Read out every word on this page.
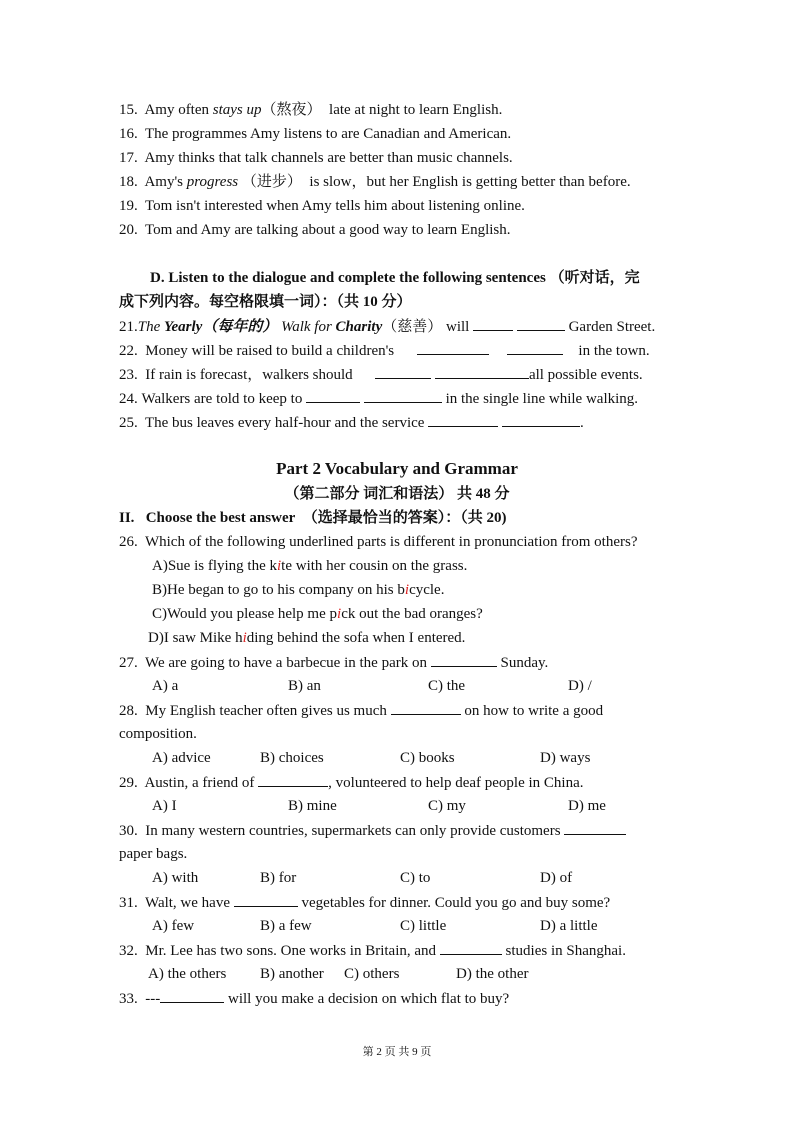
15. Amy often stays up（熬夜）  late at night to learn English.
16. The programmes Amy listens to are Canadian and American.
17. Amy thinks that talk channels are better than music channels.
18. Amy's progress （进步）  is slow，but her English is getting better than before.
19. Tom isn't interested when Amy tells him about listening online.
20. Tom and Amy are talking about a good way to learn English.
D. Listen to the dialogue and complete the following sentences （听对话，完
成下列内容。每空格限填一词）：（共 10 分）
21.The Yearly（每年的） Walk for Charity（慈善） will	Garden Street.
22. Money will be raised to build a children's	in the town.
23. If rain is forecast，walkers should	all possible events.
24. Walkers are told to keep to	in the single line while walking.
25. The bus leaves every half-hour and the service	.
Part 2 Vocabulary and Grammar
（第二部分 词汇和语法） 共 48 分
II. Choose the best answer （选择最恰当的答案）：（共 20)
26. Which of the following underlined parts is different in pronunciation from others?
A)Sue is flying the kite with her cousin on the grass.
B)He began to go to his company on his bicycle.
C)Would you please help me pick out the bad oranges?
D)I saw Mike hiding behind the sofa when I entered.
27. We are going to have a barbecue in the park on	Sunday.
A) a	B) an	C) the	D) /
28. My English teacher often gives us much	on how to write a good
composition.
A) advice	B) choices	C) books	D) ways
29. Austin, a friend of	, volunteered to help deaf people in China.
A) I	B) mine	C) my	D) me
30. In many western countries, supermarkets can only provide customers
paper bags.
A) with	B) for	C) to	D) of
31. Walt, we have	vegetables for dinner. Could you go and buy some?
A) few	B) a few	C) little	D) a little
32. Mr. Lee has two sons. One works in Britain, and	studies in Shanghai.
A) the others B) another C) others	D) the other
33. ---	will you make a decision on which flat to buy?
第 2 页 共 9 页
